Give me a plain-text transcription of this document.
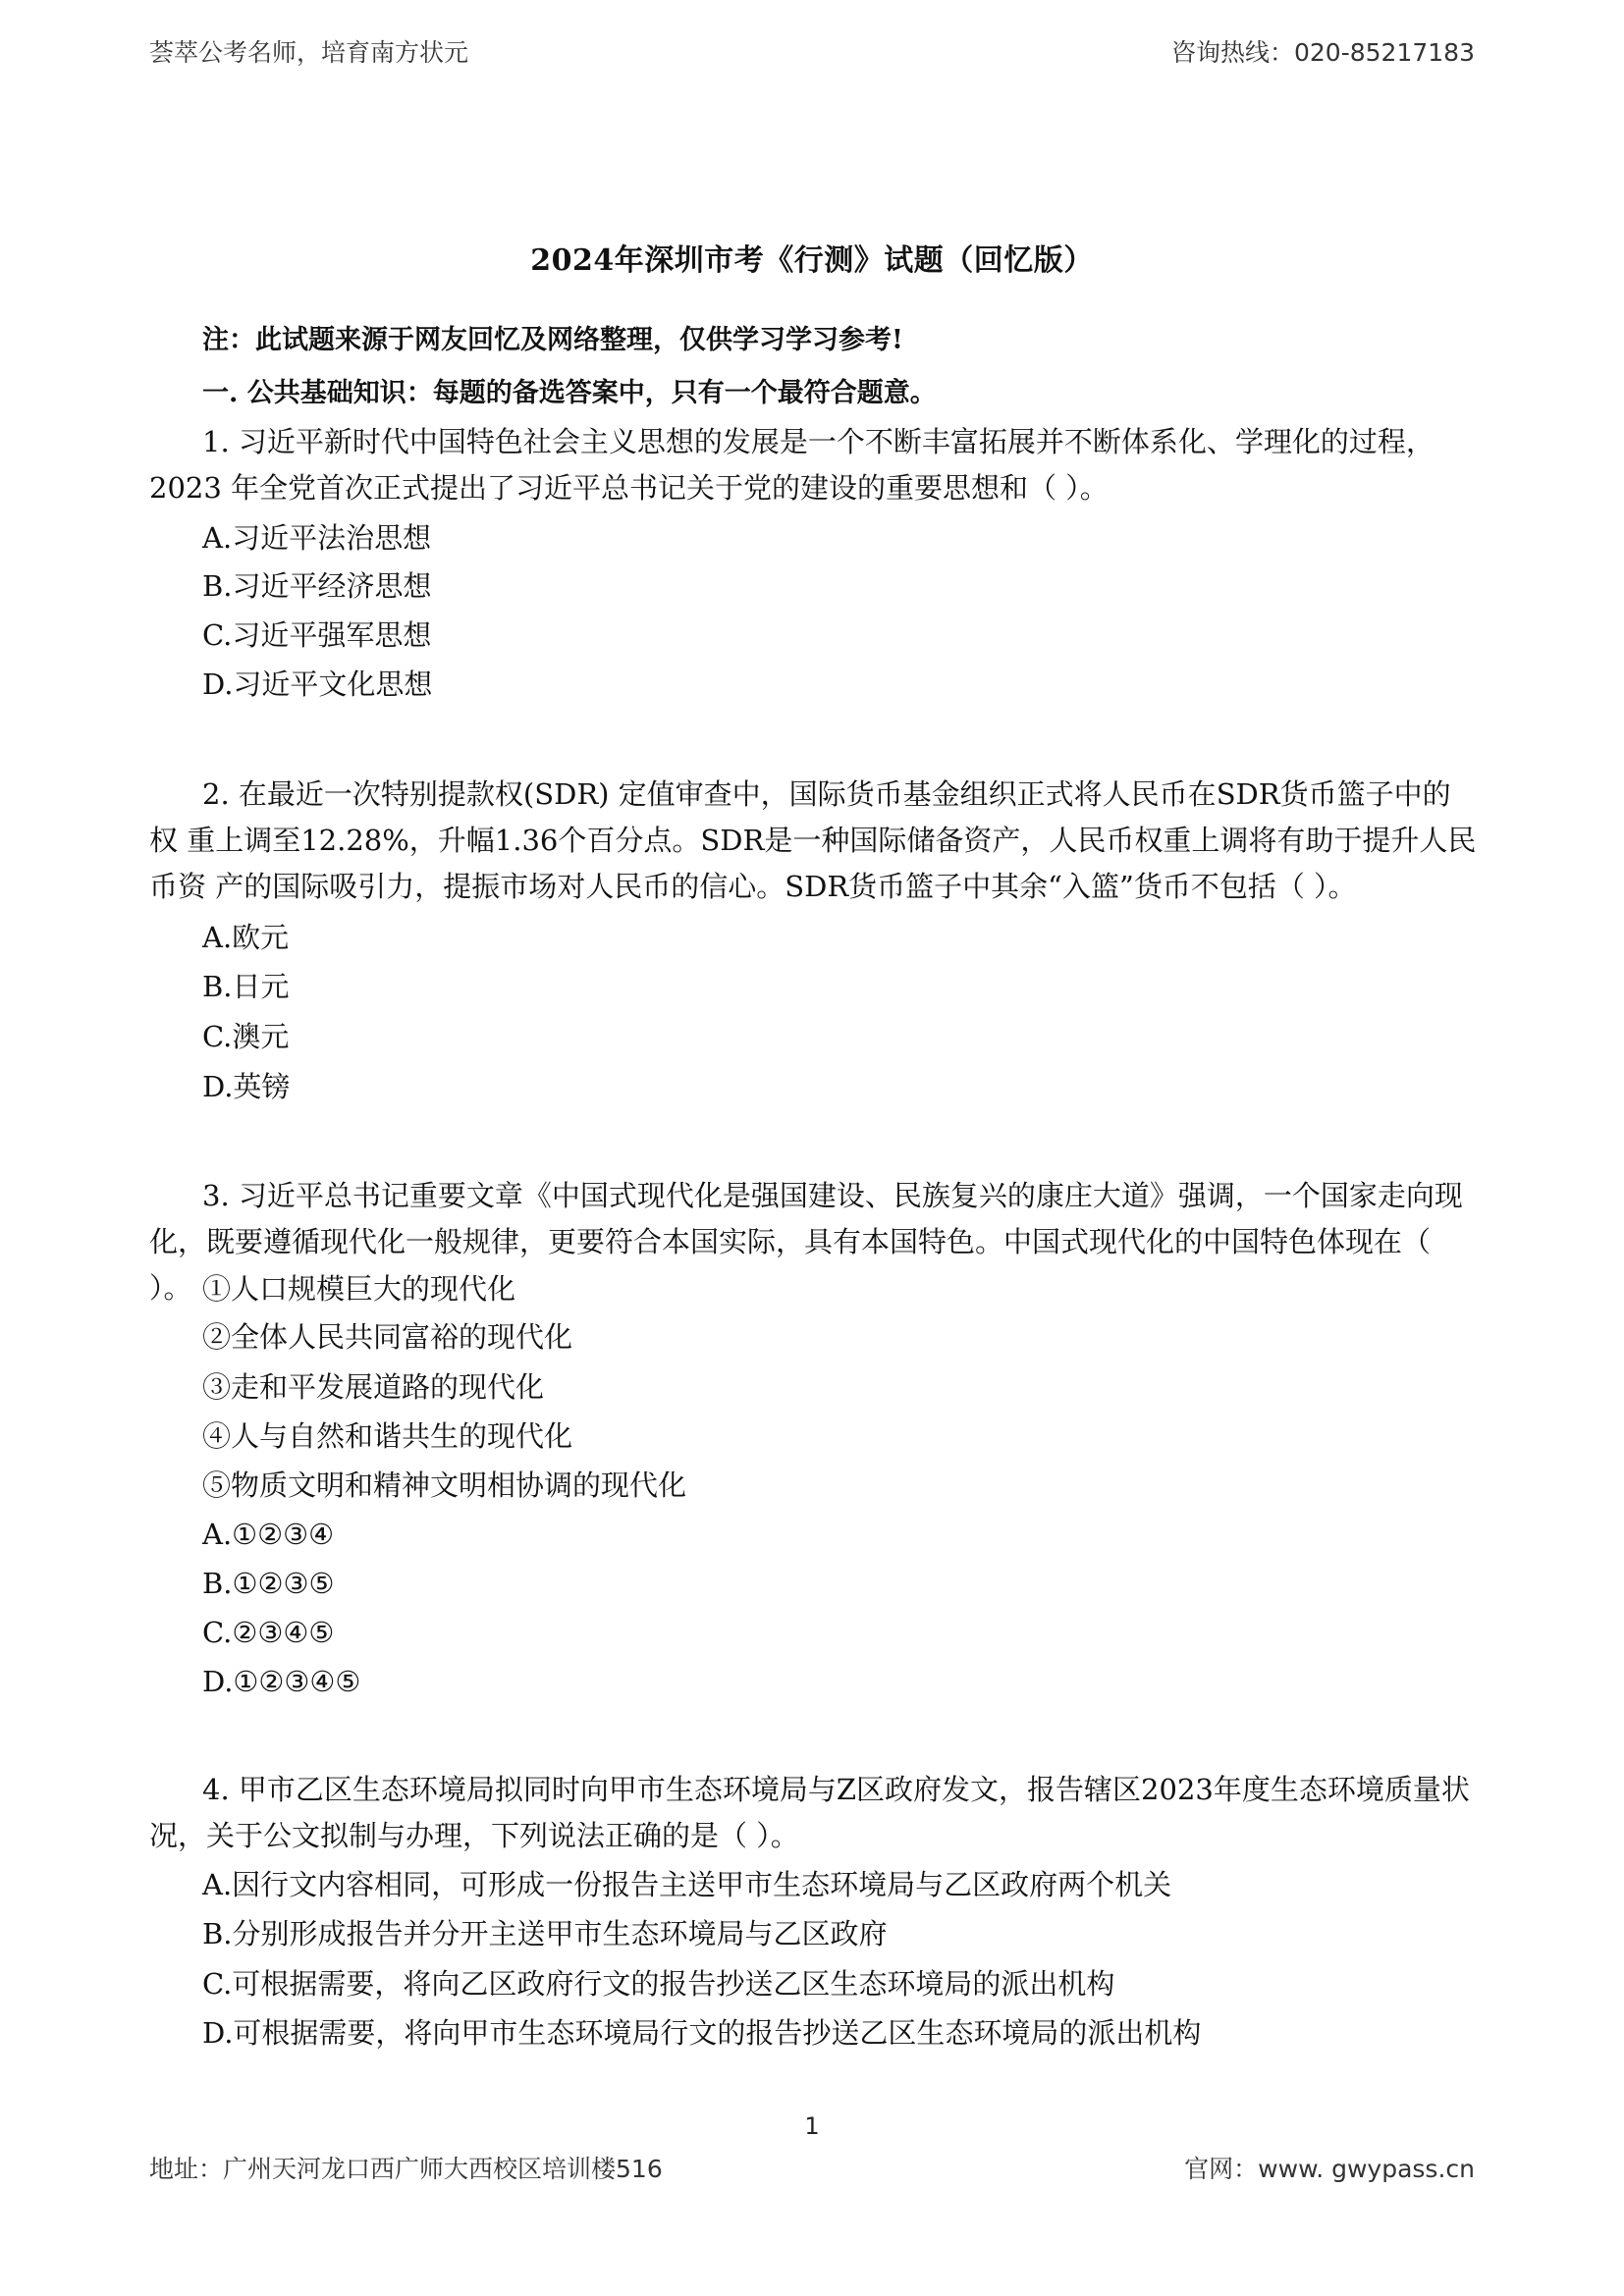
荟萃公考名师，培育南方状元	咨询热线：020-85217183
2024年深圳市考《行测》试题（回忆版）
注：此试题来源于网友回忆及网络整理，仅供学习学习参考!
一. 公共基础知识：每题的备选答案中，只有一个最符合题意。
1. 习近平新时代中国特色社会主义思想的发展是一个不断丰富拓展并不断体系化、学理化的过程，2023 年全党首次正式提出了习近平总书记关于党的建设的重要思想和（ ）。
A.习近平法治思想
B.习近平经济思想
C.习近平强军思想
D.习近平文化思想
2. 在最近一次特别提款权(SDR) 定值审查中，国际货币基金组织正式将人民币在SDR货币篮子中的权 重上调至12.28%，升幅1.36个百分点。SDR是一种国际储备资产，人民币权重上调将有助于提升人民币资 产的国际吸引力，提振市场对人民币的信心。SDR货币篮子中其余“入篮”货币不包括（ ）。
A.欧元
B.日元
C.澳元
D.英镑
3. 习近平总书记重要文章《中国式现代化是强国建设、民族复兴的康庄大道》强调，一个国家走向现 化，既要遵循现代化一般规律，更要符合本国实际，具有本国特色。中国式现代化的中国特色体现在（ ）。 ①人口规模巨大的现代化
②全体人民共同富裕的现代化
③走和平发展道路的现代化
④人与自然和谐共生的现代化
⑤物质文明和精神文明相协调的现代化
A.①②③④
B.①②③⑤
C.②③④⑤
D.①②③④⑤
4. 甲市乙区生态环境局拟同时向甲市生态环境局与Z区政府发文，报告辖区2023年度生态环境质量状况，关于公文拟制与办理，下列说法正确的是（ ）。
A.因行文内容相同，可形成一份报告主送甲市生态环境局与乙区政府两个机关
B.分别形成报告并分开主送甲市生态环境局与乙区政府
C.可根据需要，将向乙区政府行文的报告抄送乙区生态环境局的派出机构
D.可根据需要，将向甲市生态环境局行文的报告抄送乙区生态环境局的派出机构
1
地址：广州天河龙口西广师大西校区培训楼516	官网：www. gwypass.cn
